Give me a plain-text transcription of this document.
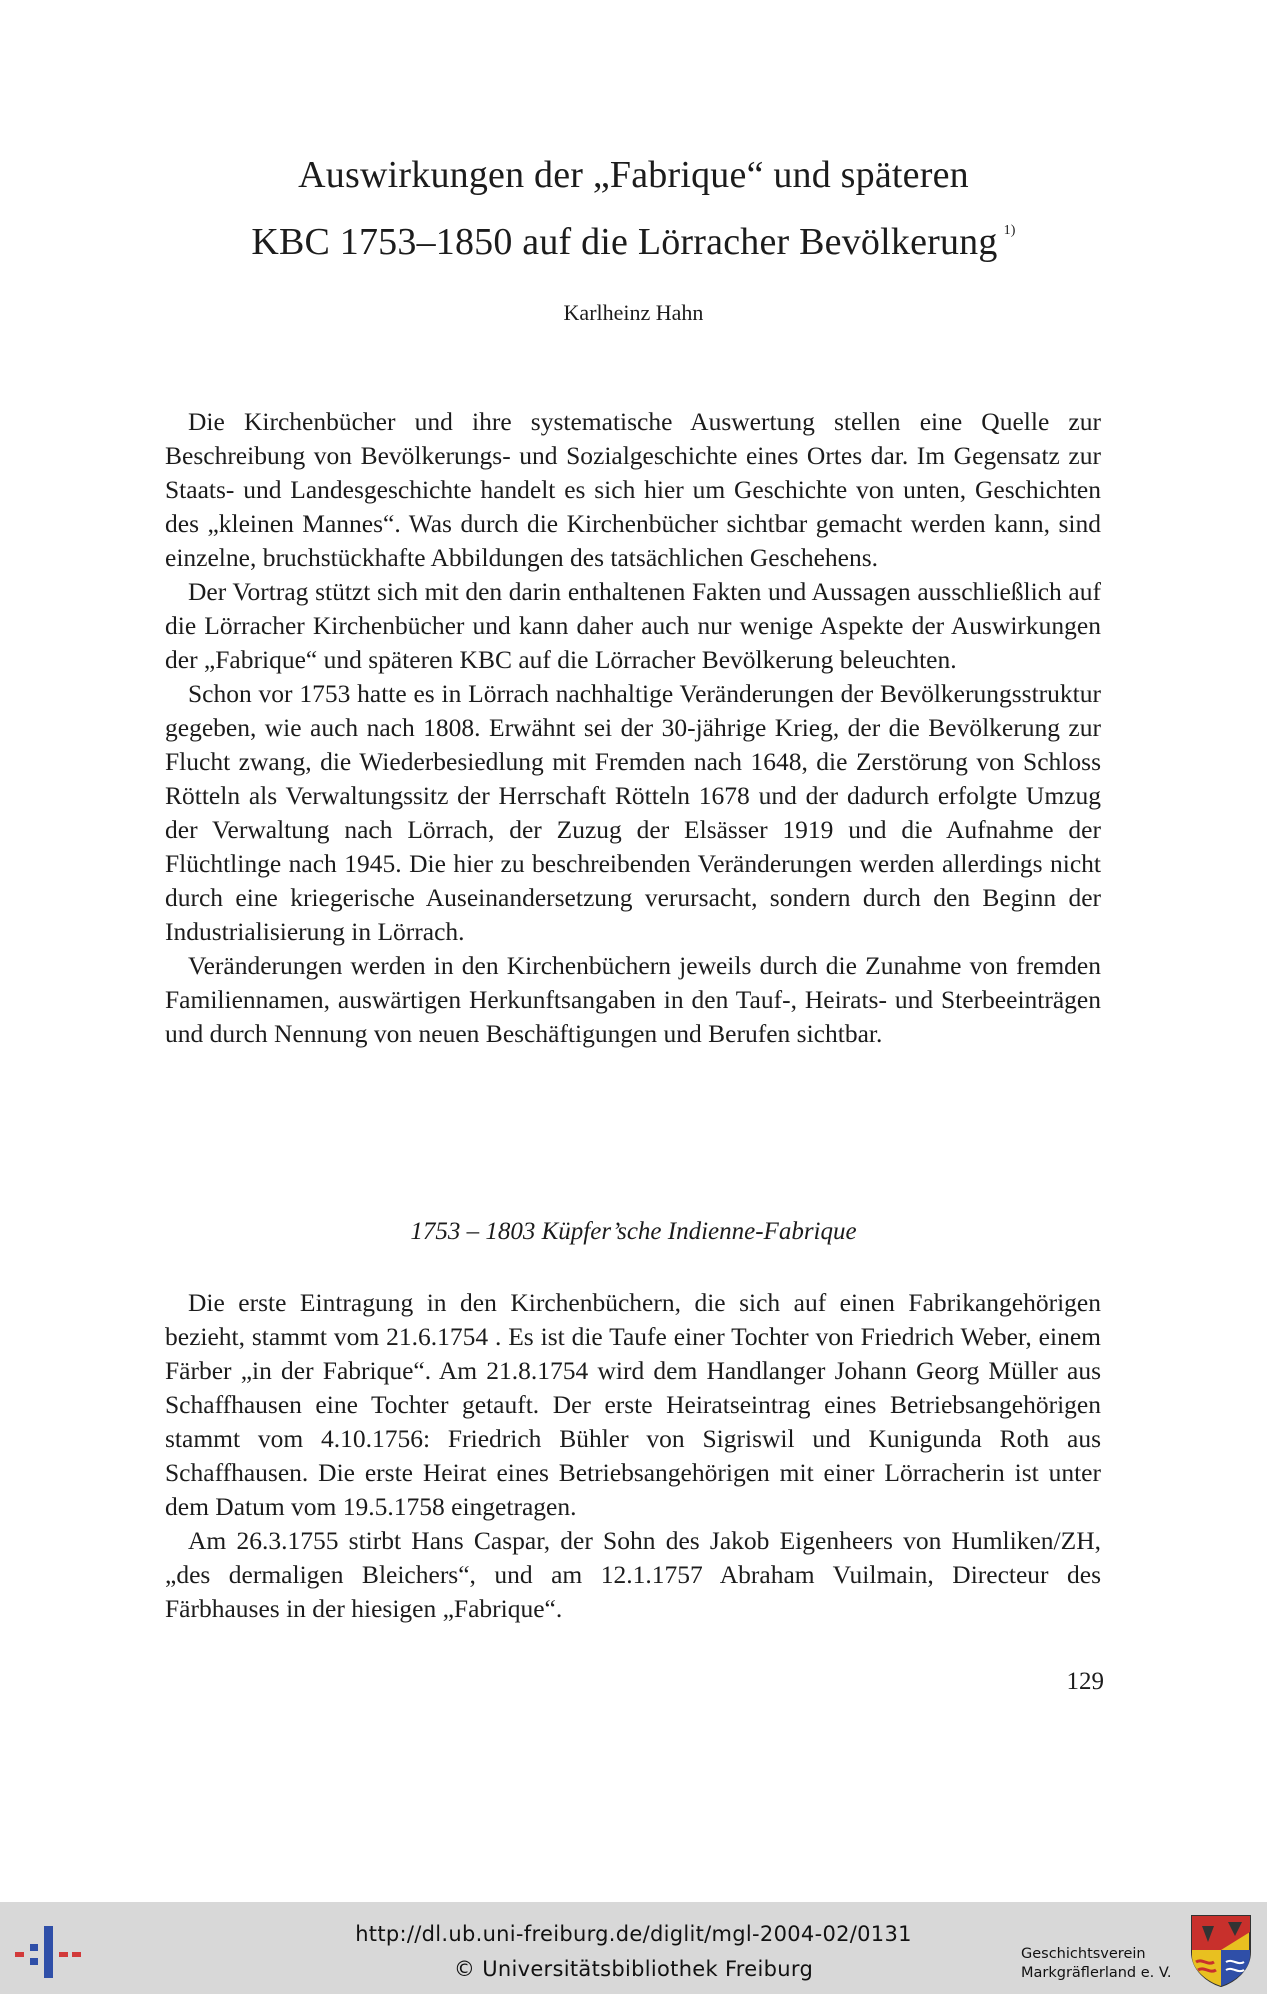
Auswirkungen der „Fabrique“ und späteren
KBC 1753–1850 auf die Lörracher Bevölkerung $^{1)}$
Karlheinz Hahn

Die Kirchenbücher und ihre systematische Auswertung stellen eine Quelle zur Beschreibung von Bevölkerungs- und Sozialgeschichte eines Ortes dar. Im Gegensatz zur Staats- und Landesgeschichte handelt es sich hier um Geschichte von unten, Geschichten des „kleinen Mannes“. Was durch die Kirchenbücher sichtbar gemacht werden kann, sind einzelne, bruchstückhafte Abbildungen des tatsächlichen Geschehens.

Der Vortrag stützt sich mit den darin enthaltenen Fakten und Aussagen ausschließlich auf die Lörracher Kirchenbücher und kann daher auch nur wenige Aspekte der Auswirkungen der „Fabrique“ und späteren KBC auf die Lörracher Bevölkerung beleuchten.

Schon vor 1753 hatte es in Lörrach nachhaltige Veränderungen der Bevölkerungsstruktur gegeben, wie auch nach 1808. Erwähnt sei der 30-jährige Krieg, der die Bevölkerung zur Flucht zwang, die Wiederbesiedlung mit Fremden nach 1648, die Zerstörung von Schloss Rötteln als Verwaltungssitz der Herrschaft Rötteln 1678 und der dadurch erfolgte Umzug der Verwaltung nach Lörrach, der Zuzug der Elsässer 1919 und die Aufnahme der Flüchtlinge nach 1945. Die hier zu beschreibenden Veränderungen werden allerdings nicht durch eine kriegerische Auseinandersetzung verursacht, sondern durch den Beginn der Industrialisierung in Lörrach.

Veränderungen werden in den Kirchenbüchern jeweils durch die Zunahme von fremden Familiennamen, auswärtigen Herkunftsangaben in den Tauf-, Heirats- und Sterbeeinträgen und durch Nennung von neuen Beschäftigungen und Berufen sichtbar.

1753 – 1803 Küpfer’sche Indienne-Fabrique

Die erste Eintragung in den Kirchenbüchern, die sich auf einen Fabrikangehörigen bezieht, stammt vom 21.6.1754 . Es ist die Taufe einer Tochter von Friedrich Weber, einem Färber „in der Fabrique“. Am 21.8.1754 wird dem Handlanger Johann Georg Müller aus Schaffhausen eine Tochter getauft. Der erste Heiratseintrag eines Betriebsangehörigen stammt vom 4.10.1756: Friedrich Bühler von Sigriswil und Kunigunda Roth aus Schaffhausen. Die erste Heirat eines Betriebsangehörigen mit einer Lörracherin ist unter dem Datum vom 19.5.1758 eingetragen.

Am 26.3.1755 stirbt Hans Caspar, der Sohn des Jakob Eigenheers von Humliken/ZH, „des dermaligen Bleichers“, und am 12.1.1757 Abraham Vuilmain, Directeur des Färbhauses in der hiesigen „Fabrique“.

129
http://dl.ub.uni-freiburg.de/diglit/mgl-2004-02/0131
© Universitätsbibliothek Freiburg
Geschichtsverein
Markgräflerland e. V.
